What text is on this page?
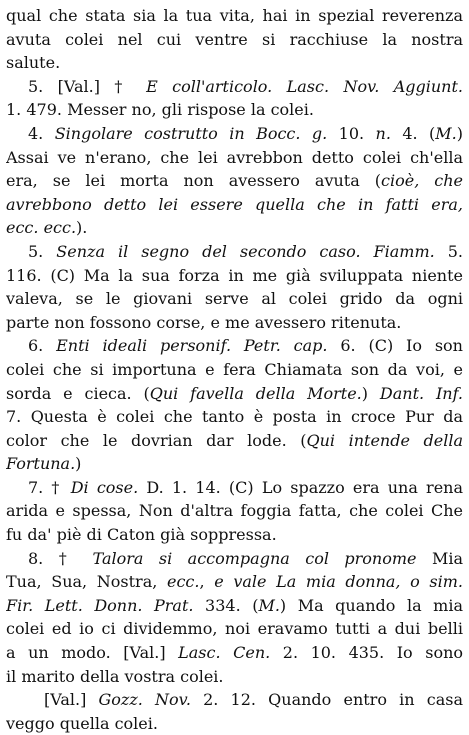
qual che stata sia la tua vita, hai in spezial reverenza
avuta colei nel cui ventre si racchiuse la nostra
salute.
5. [Val.] † E coll'articolo. Lasc. Nov. Aggiunt.
1. 479. Messer no, gli rispose la colei.
4. Singolare costrutto in Bocc. g. 10. n. 4. (M.)
Assai ve n'erano, che lei avrebbon detto colei ch'ella
era, se lei morta non avessero avuta (cioè, che
avrebbono detto lei essere quella che in fatti era,
ecc. ecc.).
5. Senza il segno del secondo caso. Fiamm. 5.
116. (C) Ma la sua forza in me già sviluppata niente
valeva, se le giovani serve al colei grido da ogni
parte non fossono corse, e me avessero ritenuta.
6. Enti ideali personif. Petr. cap. 6. (C) Io son
colei che si importuna e fera Chiamata son da voi, e
sorda e cieca. (Qui favella della Morte.) Dant. Inf.
7. Questa è colei che tanto è posta in croce Pur da
color che le dovrian dar lode. (Qui intende della
Fortuna.)
7. † Di cose. D. 1. 14. (C) Lo spazzo era una rena
arida e spessa, Non d'altra foggia fatta, che colei Che
fu da' piè di Caton già soppressa.
8. † Talora si accompagna col pronome Mia
Tua, Sua, Nostra, ecc., e vale La mia donna, o sim.
Fir. Lett. Donn. Prat. 334. (M.) Ma quando la mia
colei ed io ci dividemmo, noi eravamo tutti a dui belli
a un modo. [Val.] Lasc. Cen. 2. 10. 435. Io sono
il marito della vostra colei.
[Val.] Gozz. Nov. 2. 12. Quando entro in casa
veggo quella colei.
